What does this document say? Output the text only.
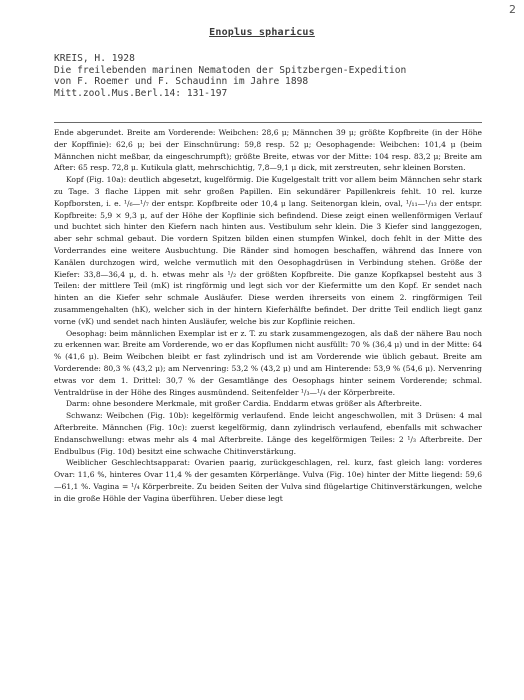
2
Enoplus spharicus
KREIS, H. 1928
Die freilebenden marinen Nematoden der Spitzbergen-Expedition
von F. Roemer und F. Schaudinn im Jahre 1898
Mitt.zool.Mus.Berl.14: 131-197

Ende abgerundet. Breite am Vorderende: Weibchen: 28,6 μ; Männchen 39 μ; größte Kopfbreite (in der Höhe der Kopffinie): 62,6 μ; bei der Einschnürung: 59,8 resp. 52 μ; Oesophagende: Weibchen: 101,4 μ (beim Männchen nicht meßbar, da eingeschrumpft); größte Breite, etwas vor der Mitte: 104 resp. 83,2 μ; Breite am After: 65 resp. 72,8 μ. Kutikula glatt, mehrschichtig, 7,8—9,1 μ dick, mit zerstreuten, sehr kleinen Borsten.

Kopf (Fig. 10a): deutlich abgesetzt, kugelförmig. Die Kugelgestalt tritt vor allem beim Männchen sehr stark zu Tage. 3 flache Lippen mit sehr großen Papillen. Ein sekundärer Papillenkreis fehlt. 10 rel. kurze Kopfborsten, i. e. ¹/₆—¹/₇ der entspr. Kopfbreite oder 10,4 μ lang. Seitenorgan klein, oval, ¹/₁₁—¹/₁₃ der entspr. Kopfbreite: 5,9 × 9,3 μ, auf der Höhe der Kopflinie sich befindend. Diese zeigt einen wellenförmigen Verlauf und buchtet sich hinter den Kiefern nach hinten aus. Vestibulum sehr klein. Die 3 Kiefer sind langgezogen, aber sehr schmal gebaut. Die vordern Spitzen bilden einen stumpfen Winkel, doch fehlt in der Mitte des Vorderrandes eine weitere Ausbuchtung. Die Ränder sind homogen beschaffen, während das Innere von Kanälen durchzogen wird, welche vermutlich mit den Oesophagdrüsen in Verbindung stehen. Größe der Kiefer: 33,8—36,4 μ, d. h. etwas mehr als ¹/₂ der größten Kopfbreite. Die ganze Kopfkapsel besteht aus 3 Teilen: der mittlere Teil (mK) ist ringförmig und legt sich vor der Kiefermitte um den Kopf. Er sendet nach hinten an die Kiefer sehr schmale Ausläufer. Diese werden ihrerseits von einem 2. ringförmigen Teil zusammengehalten (hK), welcher sich in der hintern Kieferhälfte befindet. Der dritte Teil endlich liegt ganz vorne (vK) und sendet nach hinten Ausläufer, welche bis zur Kopflinie reichen.

Oesophag: beim männlichen Exemplar ist er z. T. zu stark zusammengezogen, als daß der nähere Bau noch zu erkennen war. Breite am Vorderende, wo er das Kopflumen nicht ausfüllt: 70 % (36,4 μ) und in der Mitte: 64 % (41,6 μ). Beim Weibchen bleibt er fast zylindrisch und ist am Vorderende wie üblich gebaut. Breite am Vorderende: 80,3 % (43,2 μ); am Nervenring: 53,2 % (43,2 μ) und am Hinterende: 53,9 % (54,6 μ). Nervenring etwas vor dem 1. Drittel: 30,7 % der Gesamtlänge des Oesophags hinter seinem Vorderende; schmal. Ventraldrüse in der Höhe des Ringes ausmündend. Seitenfelder ¹/₃—¹/₄ der Körperbreite.

Darm: ohne besondere Merkmale, mit großer Cardia. Enddarm etwas größer als Afterbreite.

Schwanz: Weibchen (Fig. 10b): kegelförmig verlaufend. Ende leicht angeschwollen, mit 3 Drüsen: 4 mal Afterbreite. Männchen (Fig. 10c): zuerst kegelförmig, dann zylindrisch verlaufend, ebenfalls mit schwacher Endanschwellung: etwas mehr als 4 mal Afterbreite. Länge des kegelförmigen Teiles: 2 ¹/₃ Afterbreite. Der Endbulbus (Fig. 10d) besitzt eine schwache Chitinverstärkung.

Weiblicher Geschlechtsapparat: Ovarien paarig, zurückgeschlagen, rel. kurz, fast gleich lang: vorderes Ovar: 11,6 %, hinteres Ovar 11,4 % der gesamten Körperlänge. Vulva (Fig. 10e) hinter der Mitte liegend: 59,6—61,1 %. Vagina = ¹/₄ Körperbreite. Zu beiden Seiten der Vulva sind flügelartige Chitinverstärkungen, welche in die große Höhle der Vagina überführen. Ueber diese legt
